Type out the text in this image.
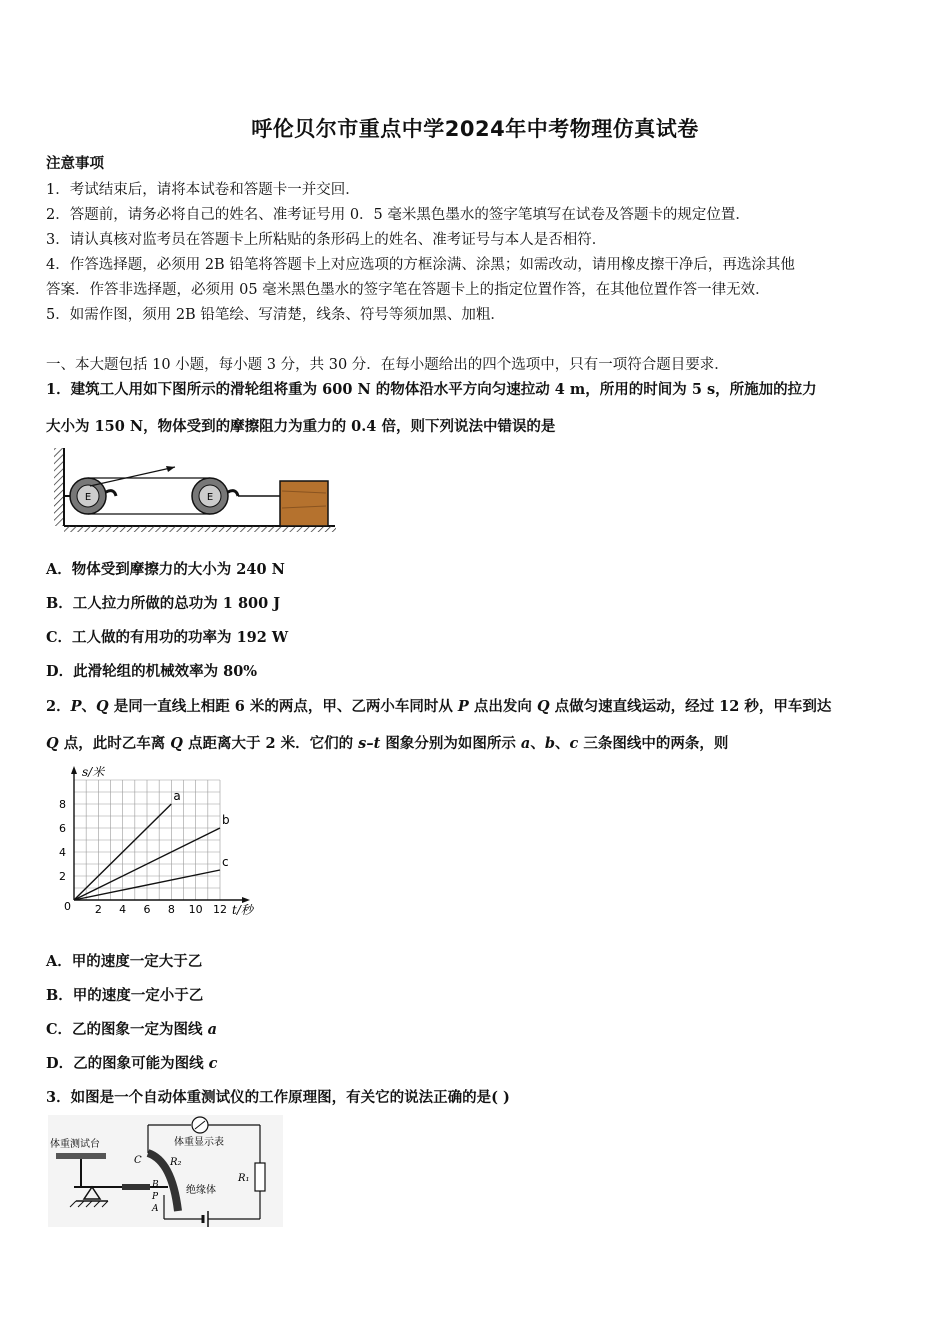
呼伦贝尔市重点中学2024年中考物理仿真试卷
注意事项
1．考试结束后，请将本试卷和答题卡一并交回．
2．答题前，请务必将自己的姓名、准考证号用 0．5 毫米黑色墨水的签字笔填写在试卷及答题卡的规定位置．
3．请认真核对监考员在答题卡上所粘贴的条形码上的姓名、准考证号与本人是否相符．
4．作答选择题，必须用 2B 铅笔将答题卡上对应选项的方框涂满、涂黑；如需改动，请用橡皮擦干净后，再选涂其他
答案．作答非选择题，必须用 05 毫米黑色墨水的签字笔在答题卡上的指定位置作答，在其他位置作答一律无效．
5．如需作图，须用 2B 铅笔绘、写清楚，线条、符号等须加黑、加粗．
一、本大题包括 10 小题，每小题 3 分，共 30 分．在每小题给出的四个选项中，只有一项符合题目要求．
1．建筑工人用如下图所示的滑轮组将重为 600 N 的物体沿水平方向匀速拉动 4 m，所用的时间为 5 s，所施加的拉力
大小为 150 N，物体受到的摩擦阻力为重力的 0.4 倍，则下列说法中错误的是
E	E
A．物体受到摩擦力的大小为 240 N
B．工人拉力所做的总功为 1 800 J
C．工人做的有用功的功率为 192 W
D．此滑轮组的机械效率为 80%
2．P、Q 是同一直线上相距 6 米的两点，甲、乙两小车同时从 P 点出发向 Q 点做匀速直线运动，经过 12 秒，甲车到达
Q 点，此时乙车离 Q 点距离大于 2 米．它们的 s–t 图象分别为如图所示 a、b、c 三条图线中的两条，则
2 4 6 8 10 12
2
4
6
8
0	t/秒
s/米
a
b
c
A．甲的速度一定大于乙
B．甲的速度一定小于乙
C．乙的图象一定为图线 a
D．乙的图象可能为图线 c
3．如图是一个自动体重测试仪的工作原理图，有关它的说法正确的是( )
体重测试台
C	R₂
B
P
A
绝缘体
体重显示表
R₁
